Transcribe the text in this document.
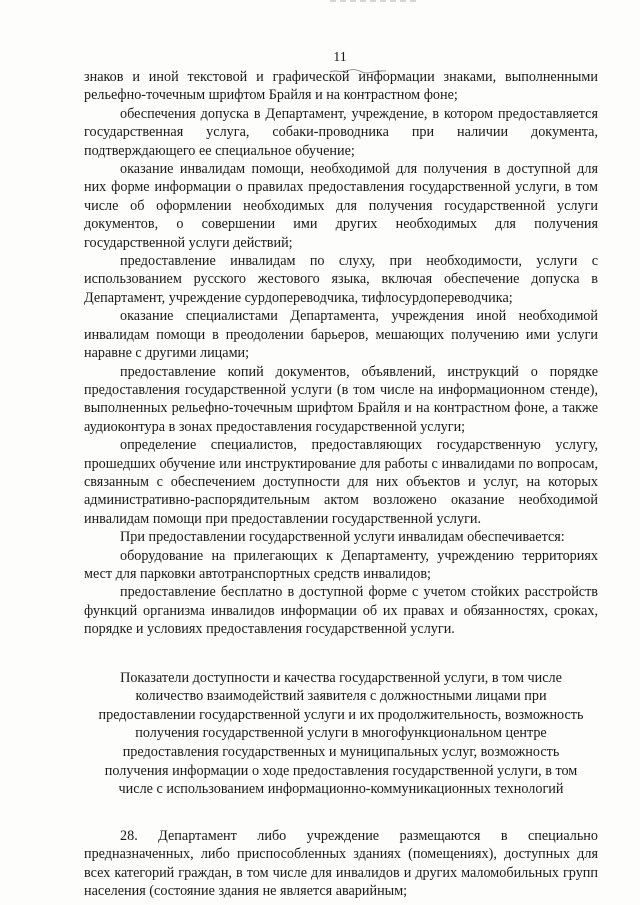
11

знаков и иной текстовой и графической информации знаками, выполненными рельефно-точечным шрифтом Брайля и на контрастном фоне;

обеспечения допуска в Департамент, учреждение, в котором предоставляется государственная услуга, собаки-проводника при наличии документа, подтверждающего ее специальное обучение;

оказание инвалидам помощи, необходимой для получения в доступной для них форме информации о правилах предоставления государственной услуги, в том числе об оформлении необходимых для получения государственной услуги документов, о совершении ими других необходимых для получения государственной услуги действий;

предоставление инвалидам по слуху, при необходимости, услуги с использованием русского жестового языка, включая обеспечение допуска в Департамент, учреждение сурдопереводчика, тифлосурдопереводчика;

оказание специалистами Департамента, учреждения иной необходимой инвалидам помощи в преодолении барьеров, мешающих получению ими услуги наравне с другими лицами;

предоставление копий документов, объявлений, инструкций о порядке предоставления государственной услуги (в том числе на информационном стенде), выполненных рельефно-точечным шрифтом Брайля и на контрастном фоне, а также аудиоконтура в зонах предоставления государственной услуги;

определение специалистов, предоставляющих государственную услугу, прошедших обучение или инструктирование для работы с инвалидами по вопросам, связанным с обеспечением доступности для них объектов и услуг, на которых административно-распорядительным актом возложено оказание необходимой инвалидам помощи при предоставлении государственной услуги.

При предоставлении государственной услуги инвалидам обеспечивается:

оборудование на прилегающих к Департаменту, учреждению территориях мест для парковки автотранспортных средств инвалидов;

предоставление бесплатно в доступной форме с учетом стойких расстройств функций организма инвалидов информации об их правах и обязанностях, сроках, порядке и условиях предоставления государственной услуги.

Показатели доступности и качества государственной услуги, в том числе
количество взаимодействий заявителя с должностными лицами при
предоставлении государственной услуги и их продолжительность, возможность
получения государственной услуги в многофункциональном центре
предоставления государственных и муниципальных услуг, возможность
получения информации о ходе предоставления государственной услуги, в том
числе с использованием информационно-коммуникационных технологий

28. Департамент либо учреждение размещаются в специально предназначенных, либо приспособленных зданиях (помещениях), доступных для всех категорий граждан, в том числе для инвалидов и других маломобильных групп населения (состояние здания не является аварийным;
